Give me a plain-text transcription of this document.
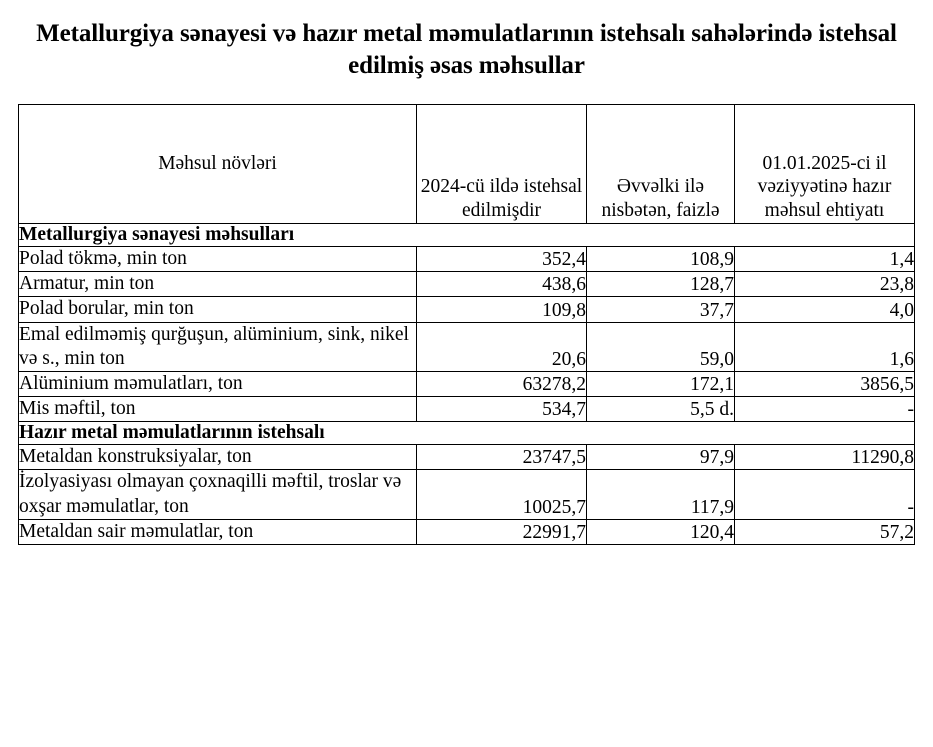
Metallurgiya sənayesi və hazır metal məmulatlarının istehsalı sahələrində istehsal edilmiş əsas məhsullar
Məhsul növləri	2024-cü ildə istehsal edilmişdir	Əvvəlki ilə nisbətən, faizlə	01.01.2025-ci il vəziyyətinə hazır məhsul ehtiyatı
Metallurgiya sənayesi məhsulları			
Polad tökmə, min ton	352,4	108,9	1,4
Armatur, min ton	438,6	128,7	23,8
Polad borular, min ton	109,8	37,7	4,0
Emal edilməmiş qurğuşun, alüminium, sink, nikel və s., min ton	20,6	59,0	1,6
Alüminium məmulatları, ton	63278,2	172,1	3856,5
Mis məftil, ton	534,7	5,5 d.	-
Hazır metal məmulatlarının istehsalı			
Metaldan konstruksiyalar, ton	23747,5	97,9	11290,8
İzolyasiyası olmayan çoxnaqilli məftil, troslar və oxşar məmulatlar, ton	10025,7	117,9	-
Metaldan sair məmulatlar, ton	22991,7	120,4	57,2
